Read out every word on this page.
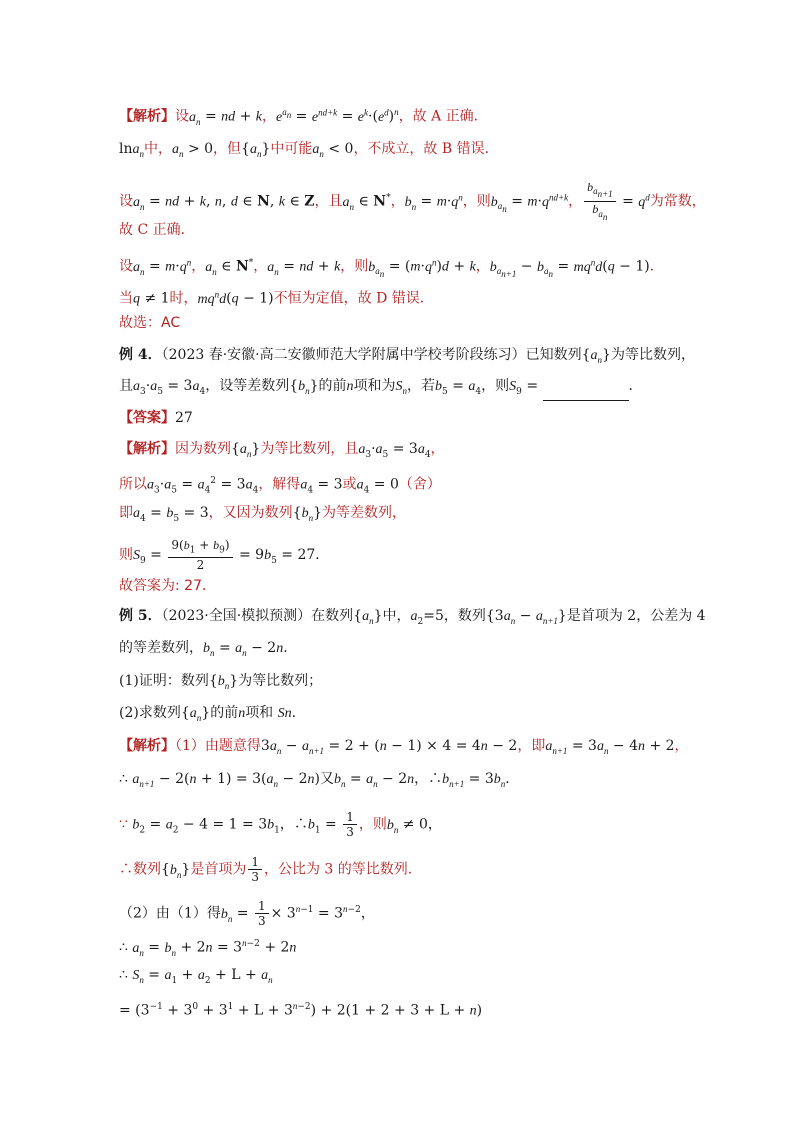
【解析】设$a_n$ = nd + k，$e^{a_n} = e^{nd+k} = e^k\cdot(e^d)^n$，故 A 正确．
lna$_n$中，$a_n > 0$，但$\{a_n\}$中可能$a_n < 0$，不成立，故 B 错误．
设$a_n$ = nd + k, n, d ∈ N, k ∈ Z，且$a_n$ ∈ N*，$b_n = m\cdot q^n$，则$b_{a_n} = m\cdot q^{nd+k}$， $\frac{b_{a_{n+1}}}{b_{a_n}} = q^d$为常数，
故 C 正确．
设$a_n = m\cdot q^n$，$a_n$ ∈ N*，$a_n$ = nd + k，则$b_{a_n} = (m\cdot q^n)d + k$，$b_{a_{n+1}} - b_{a_n} = mq^nd(q - 1)$．
当q ≠ 1时，$mq^nd(q - 1)$不恒为定值，故 D 错误．
故选：AC
例 4．（2023 春·安徽·高二安徽师范大学附属中学校考阶段练习）已知数列$\{a_n\}$为等比数列，
且$a_3\cdot a_5 = 3a_4$，设等差数列$\{b_n\}$的前n项和为$S_n$，若$b_5 = a_4$，则$S_9$ =	．
【答案】27
【解析】因为数列$\{a_n\}$为等比数列，且$a_3\cdot a_5 = 3a_4$，
所以$a_3\cdot a_5 = a_4^2 = 3a_4$，解得$a_4 = 3$或$a_4 = 0$（舍）
即$a_4 = b_5 = 3$，又因为数列$\{b_n\}$为等差数列，
则$S_9 = \frac{9(b_1 + b_9)}{2} = 9b_5 = 27$．
故答案为: 27．
例 5．（2023·全国·模拟预测）在数列$\{a_n\}$中，$a_2=5$，数列$\{3a_n - a_{n+1}\}$是首项为 2，公差为 4
的等差数列，$b_n = a_n - 2n$.
(1)证明：数列$\{b_n\}$为等比数列；
(2)求数列$\{a_n\}$的前n项和 Sn.
【解析】（1）由题意得$3a_n - a_{n+1} = 2 + (n - 1) \times 4 = 4n - 2$，即$a_{n+1} = 3a_n - 4n + 2$，
∴ $a_{n+1} - 2(n + 1) = 3(a_n - 2n)$又$b_n = a_n - 2n$，$\therefore b_{n+1} = 3b_n$．
∵ $b_2 = a_2 - 4 = 1 = 3b_1$，$\therefore b_1 = \frac{1}{3}$ ，则$b_n \ne 0$，
∴数列$\{b_n\}$是首项为 $\frac{1}{3}$ ，公比为 3 的等比数列.
（2）由（1）得$b_n = \frac{1}{3} \times 3^{n-1} = 3^{n-2}$，
∴ $a_n = b_n + 2n = 3^{n-2} + 2n$
∴ $S_n = a_1 + a_2 + L + a_n$
= $(3^{-1} + 3^0 + 3^1 + L + 3^{n-2}) + 2(1 + 2 + 3 + L + n)$
